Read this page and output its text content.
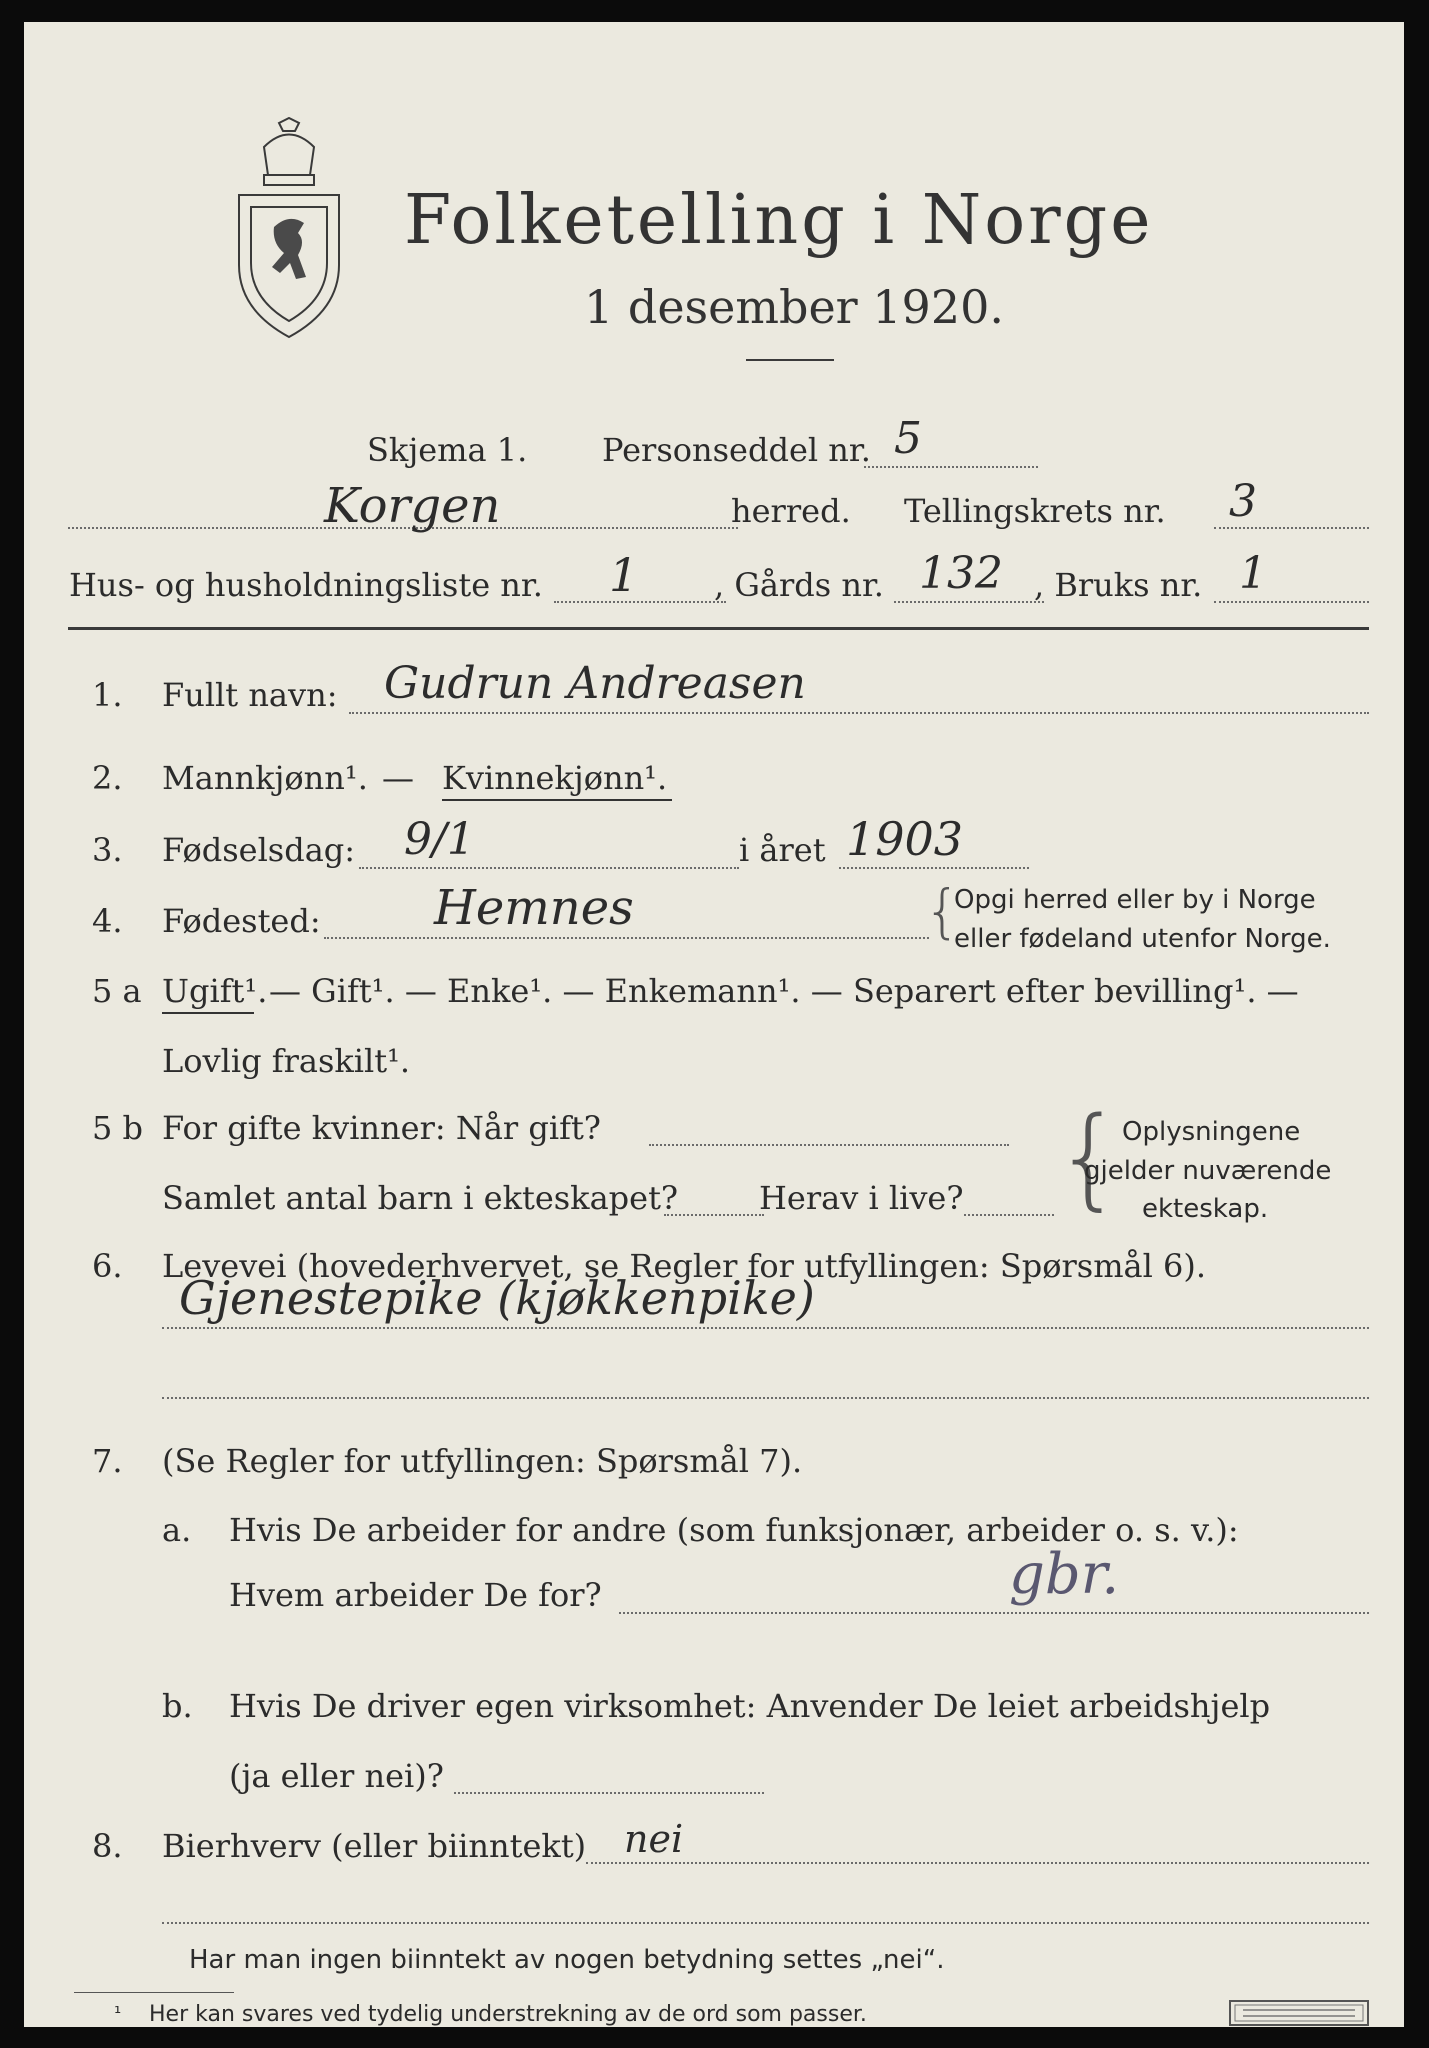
Folketelling i Norge
1 desember 1920.
Skjema 1. Personseddel nr. 5
Korgen	herred. Tellingskrets nr. 3
Hus- og husholdningsliste nr. 1 , Gårds nr. 132 , Bruks nr. 1
1. Fullt navn: Gudrun Andreasen
2. Mannkjønn¹. — Kvinnekjønn¹.
3. Fødselsdag: 9/1	i året 1903
4. Fødested: Hemnes	{
Opgi herred eller by i Norge
eller fødeland utenfor Norge.
5 a Ugift¹. — Gift¹. — Enke¹. — Enkemann¹. — Separert efter bevilling¹. —
Lovlig fraskilt¹.
5 b For gifte kvinner: Når gift?
Samlet antal barn i ekteskapet?	Herav i live? {
Oplysningene
gjelder nuværende
ekteskap.
6. Levevei (hovederhvervet, se Regler for utfyllingen: Spørsmål 6).
Gjenestepike (kjøkkenpike)
7. (Se Regler for utfyllingen: Spørsmål 7).
a. Hvis De arbeider for andre (som funksjonær, arbeider o. s. v.):
Hvem arbeider De for?	gbr.
b. Hvis De driver egen virksomhet: Anvender De leiet arbeidshjelp
(ja eller nei)?
8. Bierhverv (eller biinntekt) nei
Har man ingen biinntekt av nogen betydning settes „nei“.
¹ Her kan svares ved tydelig understrekning av de ord som passer.
